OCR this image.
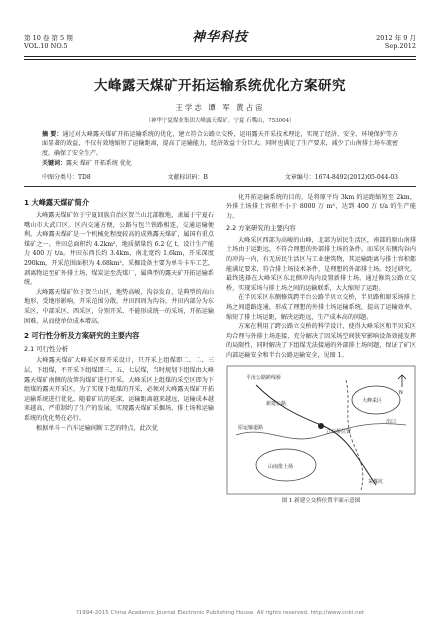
第 10 卷 第 5 期
VOL.10 NO.5
神华科技	2012 年 9 月
Sep.2012
大峰露天煤矿开拓运输系统优化方案研究
王学志 谭 军 黄占宙
（神华宁夏煤业集团大峰露天煤矿，宁夏 石嘴山，753004）
摘 要：通过对大峰露天煤矿开拓运输系统的优化，建立符合公路立交桥，运用露天开采技术理论，实现了经济、安全、环境保护等方面显著的效益，不仅有效地缩短了运输距离，提高了运输能力，经济效益十分巨大。同时也满足了生产要求，减少了山南排土场车流密度，确保了安全生产。
关键词：露天 煤矿 开拓系统 优化
中图分类号：TD8	文献标识码：B	文章编号：1674-8492(2012)05-044-03
1 大峰露天煤矿简介

大峰露天煤矿位于宁夏回族自治区贺兰山北部腹地，隶属于宁夏石嘴山市大武口区。区内交通方便，公路与包兰铁路相连，交通运输便利。大峰露天煤矿是一个机械化程度较高的成熟露天煤矿，属国有重点煤矿之一。井田总面积约 4.2km²，地质储量约 6.2 亿 t，设计生产能力 400 万 t/a。井田东西长约 3.4km，南北宽约 1.6km，开采深度 290km，开采范围面积为 4.68km²，采掘设备主要为单斗卡车工艺，剥离物运至矿外排土场，煤炭运至洗煤厂，属典型的露天矿开拓运输系统。

大峰露天煤矿位于贺兰山区，地势高峻，沟谷发育，是典型的高山地形，受地形影响，开采范围分散，井田四周为沟谷，井田内部分为东采区、中部采区、西采区，分别开采，不能形成统一的采场，开拓运输困难，从而使单位成本增高。

2 可行性分析及方案研究的主要内容
2.1 可行性分析

大峰露天煤矿大峰采区原开采设计，只开采上组煤即二、二、三层，下组煤，不开采下组煤即三、五、七层煤，当时规划下组煤由大峰露天煤矿南侧的汝箕沟煤矿进行开采。大峰采区上组煤的采空区即为下组煤的露天开采区，为了实现下组煤的开采，必须对大峰露天煤矿开拓运输系统进行优化，随着矿坑的延深，运输距离越来越远，运输成本越来越高，严重制约了生产的发展，实现露天煤矿采掘场、排土场和运输系统的优化势在必行。

根据单斗－汽车运输间断工艺的特点，此次优

化开拓运输系统的目的，是将原平均 3km 的运距缩短至 2km，外排土场排土容积不小于 8000 万 m³，达到 400 万 t/a 的生产能力。

2.2 方案研究的主要内容

大峰采区西部为高峻的山峰，北部为居民生活区，南部的原山南排土场由于运距远，不符合理想的外部排土场的条件。而采区东侧沟谷内的冲沟一内，有无居民生活区与工业建筑物，其运输距离与排土容积都能满足要求，符合排土场技术条件，是理想的外部排土场。经过研究，最终选择在大峰采区东北侧冲沟内设置新排土场，通过修筑公路立交桥，实现采场与排土场之间的运输联系，大大缩短了运距。

在半贝采区东侧修筑跨半台公路半贝立交桥，半贝路和原采场排土场之间道路连通，形成了理想的外排土场运输系统，提高了运输效率，缩短了排土场运距，解决运距远，生产成本高的问题。

方案在利用了跨公路立交桥的科学设计，使得大峰采区和半贝采区均合理与外排土场连接，充分解决了因采场空间狭窄影响设备效能发挥的局限性，同时解决了下组煤无法接通的外部排土场问题，保证了矿区内部运输安全和半台公路运输安全，见图 1。

平汝公路跨线桥
山南排土场
大峰采区
出口
新建公路
原运输道路
采煤坑
立交桥位置
N
图 1 新建立交桥位置平面示意图
?1994-2015 China Academic Journal Electronic Publishing House. All rights reserved. http://www.cnki.net
